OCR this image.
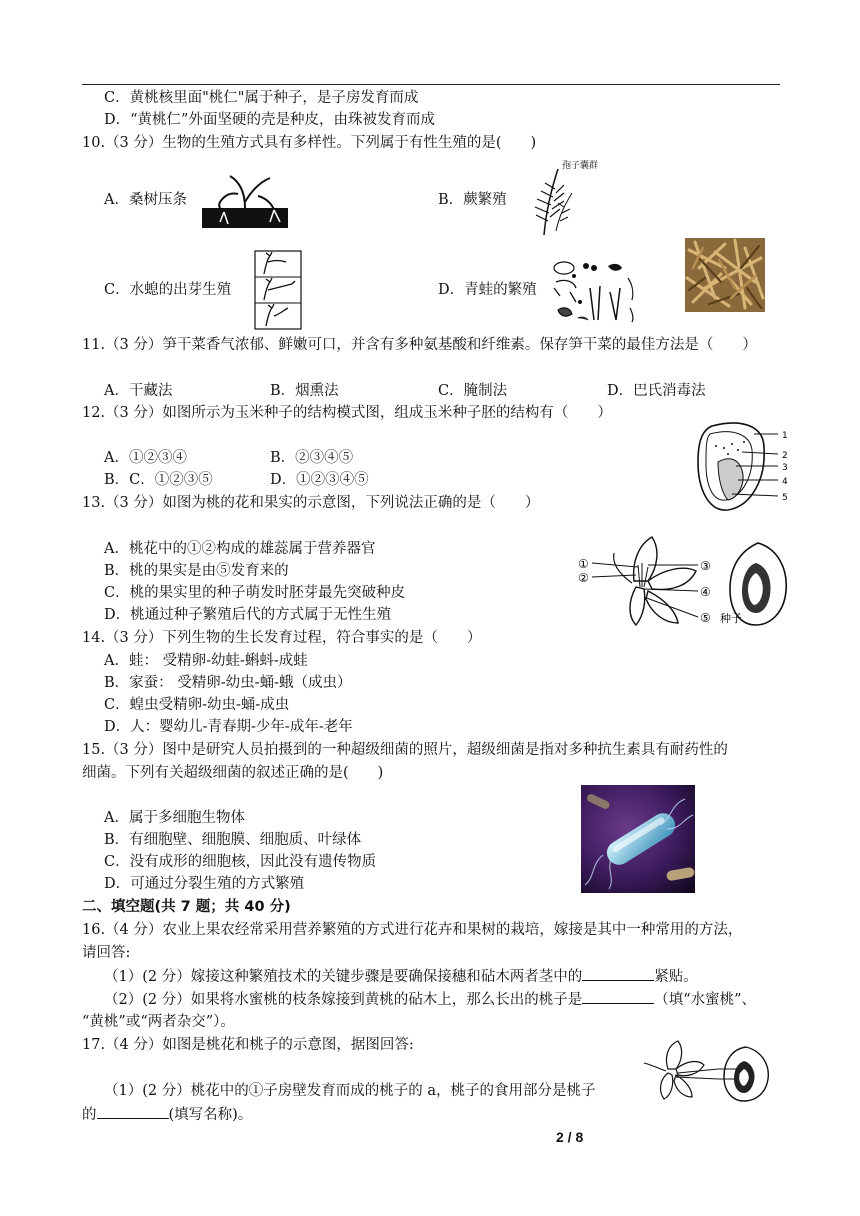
C．黄桃核里面"桃仁"属于种子，是子房发育而成
D．“黄桃仁”外面坚硬的壳是种皮，由珠被发育而成
10.（3 分）生物的生殖方式具有多样性。下列属于有性生殖的是(　　)
A．桑树压条	B．蕨繁殖
孢子囊群
C．水螅的出芽生殖	D．青蛙的繁殖
11.（3 分）笋干菜香气浓郁、鲜嫩可口，并含有多种氨基酸和纤维素。保存笋干菜的最佳方法是（　　）
A．干藏法	B．烟熏法	C．腌制法	D．巴氏消毒法
12.（3 分）如图所示为玉米种子的结构模式图，组成玉米种子胚的结构有（　　）
A．①②③④	B．②③④⑤
B．C．①②③⑤	D．①②③④⑤
1
2
3
4
5
13.（3 分）如图为桃的花和果实的示意图，下列说法正确的是（　　）
A．桃花中的①②构成的雄蕊属于营养器官
B．桃的果实是由⑤发育来的
C．桃的果实里的种子萌发时胚芽最先突破种皮
D．桃通过种子繁殖后代的方式属于无性生殖
①
②
③
④
⑤ 种子
14.（3 分）下列生物的生长发育过程，符合事实的是（　　）
A．蛙： 受精卵-幼蛙-蝌蚪-成蛙
B．家蚕： 受精卵-幼虫-蛹-蛾（成虫）
C．蝗虫受精卵-幼虫-蛹-成虫
D．人：婴幼儿-青春期-少年-成年-老年
15.（3 分）图中是研究人员拍摄到的一种超级细菌的照片，超级细菌是指对多种抗生素具有耐药性的
细菌。下列有关超级细菌的叙述正确的是(　　)
A．属于多细胞生物体
B．有细胞壁、细胞膜、细胞质、叶绿体
C．没有成形的细胞核，因此没有遗传物质
D．可通过分裂生殖的方式繁殖
二、填空题(共 7 题；共 40 分)
16.（4 分）农业上果农经常采用营养繁殖的方式进行花卉和果树的栽培，嫁接是其中一种常用的方法，
请回答:
（1）(2 分）嫁接这种繁殖技术的关键步骤是要确保接穗和砧木两者茎中的	紧贴。
（2）(2 分）如果将水蜜桃的枝条嫁接到黄桃的砧木上，那么长出的桃子是	（填“水蜜桃”、
“黄桃”或“两者杂交”）。
17.（4 分）如图是桃花和桃子的示意图，据图回答:
（1）(2 分）桃花中的①子房壁发育而成的桃子的 a，桃子的食用部分是桃子
的	(填写名称)。
2 / 8
